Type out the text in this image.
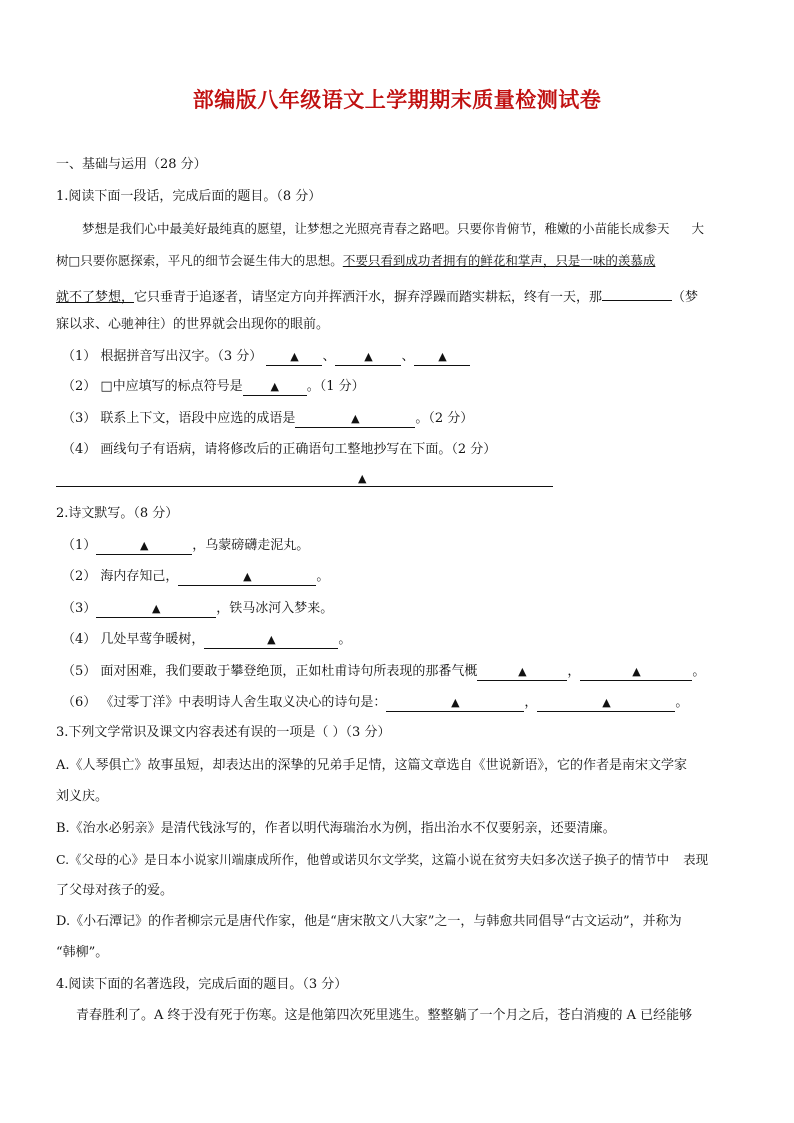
部编版八年级语文上学期期末质量检测试卷
一、基础与运用（28 分）
1.阅读下面一段话，完成后面的题目。（8 分）
梦想是我们心中最美好最纯真的愿望，让梦想之光照亮青春之路吧。只要你肯俯节，稚嫩的小苗能长成参天 大
树□只要你愿探索，平凡的细节会诞生伟大的思想。不要只看到成功者拥有的鲜花和掌声，只是一味的羡慕成
就不了梦想，它只垂青于追逐者，请坚定方向并挥洒汗水，摒弃浮躁而踏实耕耘，终有一天，那	（梦
寐以求、心驰神往）的世界就会出现你的眼前。
（1） 根据拼音写出汉字。（3 分）	▲ 、	▲ 、 ▲
（2） □中应填写的标点符号是	▲ 。（1 分）
（3） 联系上下文，语段中应选的成语是	▲	。（2 分）
（4） 画线句子有语病，请将修改后的正确语句工整地抄写在下面。（2 分）
▲
2.诗文默写。（8 分）
（1）	▲	，乌蒙磅礴走泥丸。
（2） 海内存知己，	▲	。
（3）	▲	，铁马冰河入梦来。
（4） 几处早莺争暖树，	▲	。
（5） 面对困难，我们要敢于攀登绝顶，正如杜甫诗句所表现的那番气概	▲	，	▲	。
（6） 《过零丁洋》中表明诗人舍生取义决心的诗句是：	▲	，	▲	。
3.下列文学常识及课文内容表述有误的一项是（ ）（3 分）
A.《人琴俱亡》故事虽短，却表达出的深挚的兄弟手足情，这篇文章选自《世说新语》，它的作者是南宋文学家
刘义庆。
B.《治水必躬亲》是清代钱泳写的，作者以明代海瑞治水为例，指出治水不仅要躬亲，还要清廉。
C.《父母的心》是日本小说家川端康成所作，他曾或诺贝尔文学奖，这篇小说在贫穷夫妇多次送子换子的情节中 表现
了父母对孩子的爱。
D.《小石潭记》的作者柳宗元是唐代作家，他是“唐宋散文八大家”之一，与韩愈共同倡导“古文运动”，并称为
“韩柳”。
4.阅读下面的名著选段，完成后面的题目。（3 分）
青春胜利了。A 终于没有死于伤寒。这是他第四次死里逃生。整整躺了一个月之后，苍白消瘦的 A 已经能够
